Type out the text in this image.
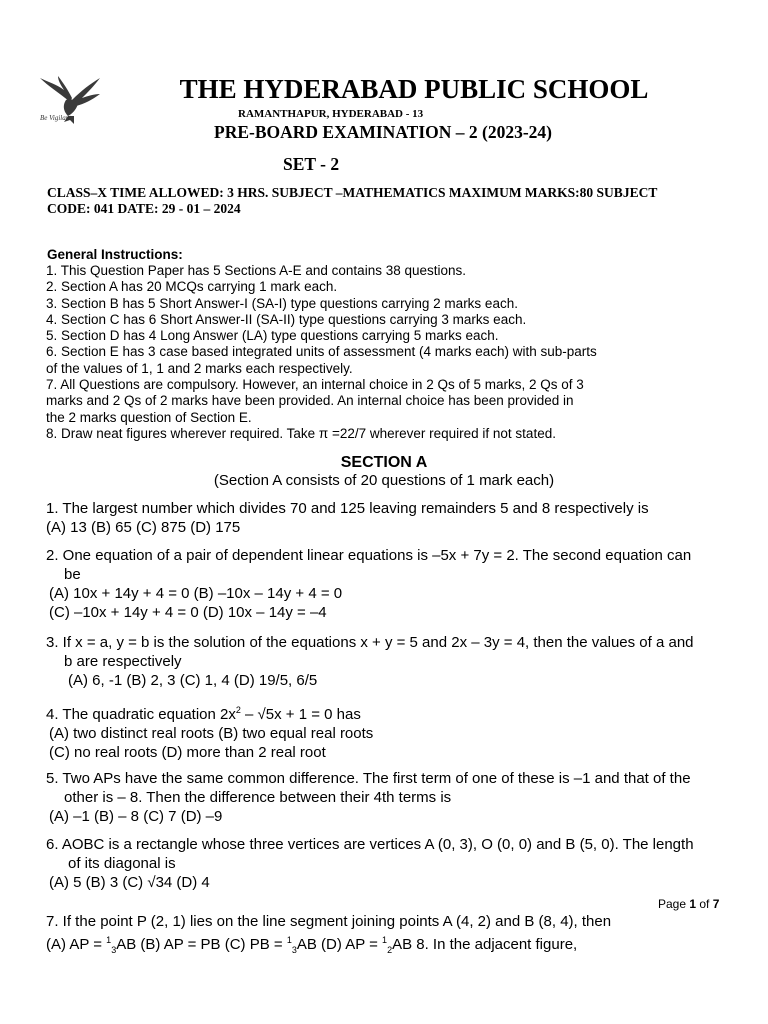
Be Vigilant
THE HYDERABAD PUBLIC SCHOOL
RAMANTHAPUR, HYDERABAD - 13
PRE-BOARD EXAMINATION – 2 (2023-24)
SET - 2
CLASS–X TIME ALLOWED: 3 HRS. SUBJECT –MATHEMATICS MAXIMUM MARKS:80 SUBJECT
CODE: 041 DATE: 29 - 01 – 2024
General Instructions:
1. This Question Paper has 5 Sections A-E and contains 38 questions.
2. Section A has 20 MCQs carrying 1 mark each.
3. Section B has 5 Short Answer-I (SA-I) type questions carrying 2 marks each.
4. Section C has 6 Short Answer-II (SA-II) type questions carrying 3 marks each.
5. Section D has 4 Long Answer (LA) type questions carrying 5 marks each.
6. Section E has 3 case based integrated units of assessment (4 marks each) with sub-parts
of the values of 1, 1 and 2 marks each respectively.
7. All Questions are compulsory. However, an internal choice in 2 Qs of 5 marks, 2 Qs of 3
marks and 2 Qs of 2 marks have been provided. An internal choice has been provided in
the 2 marks question of Section E.
8. Draw neat figures wherever required. Take π =22/7 wherever required if not stated.
SECTION A
(Section A consists of 20 questions of 1 mark each)
1. The largest number which divides 70 and 125 leaving remainders 5 and 8 respectively is
(A) 13 (B) 65 (C) 875 (D) 175
2. One equation of a pair of dependent linear equations is –5x + 7y = 2. The second equation can
be
(A) 10x + 14y + 4 = 0 (B) –10x – 14y + 4 = 0
(C) –10x + 14y + 4 = 0 (D) 10x – 14y = –4
3. If x = a, y = b is the solution of the equations x + y = 5 and 2x – 3y = 4, then the values of a and
b are respectively
(A) 6, -1 (B) 2, 3 (C) 1, 4 (D) 19/5, 6/5
4. The quadratic equation $2x^2 - √5x + 1 = 0$ has
(A) two distinct real roots (B) two equal real roots
(C) no real roots (D) more than 2 real root
5. Two APs have the same common difference. The first term of one of these is –1 and that of the
other is – 8. Then the difference between their 4th terms is
(A) –1 (B) – 8 (C) 7 (D) –9
6. AOBC is a rectangle whose three vertices are vertices A (0, 3), O (0, 0) and B (5, 0). The length
of its diagonal is
(A) 5 (B) 3 (C) √34 (D) 4
Page 1 of 7
7. If the point P (2, 1) lies on the line segment joining points A (4, 2) and B (8, 4), then
(A) AP = $^1_3$AB (B) AP = PB (C) PB = $^1_3$AB (D) AP = $^1_2$AB 8. In the adjacent figure,
